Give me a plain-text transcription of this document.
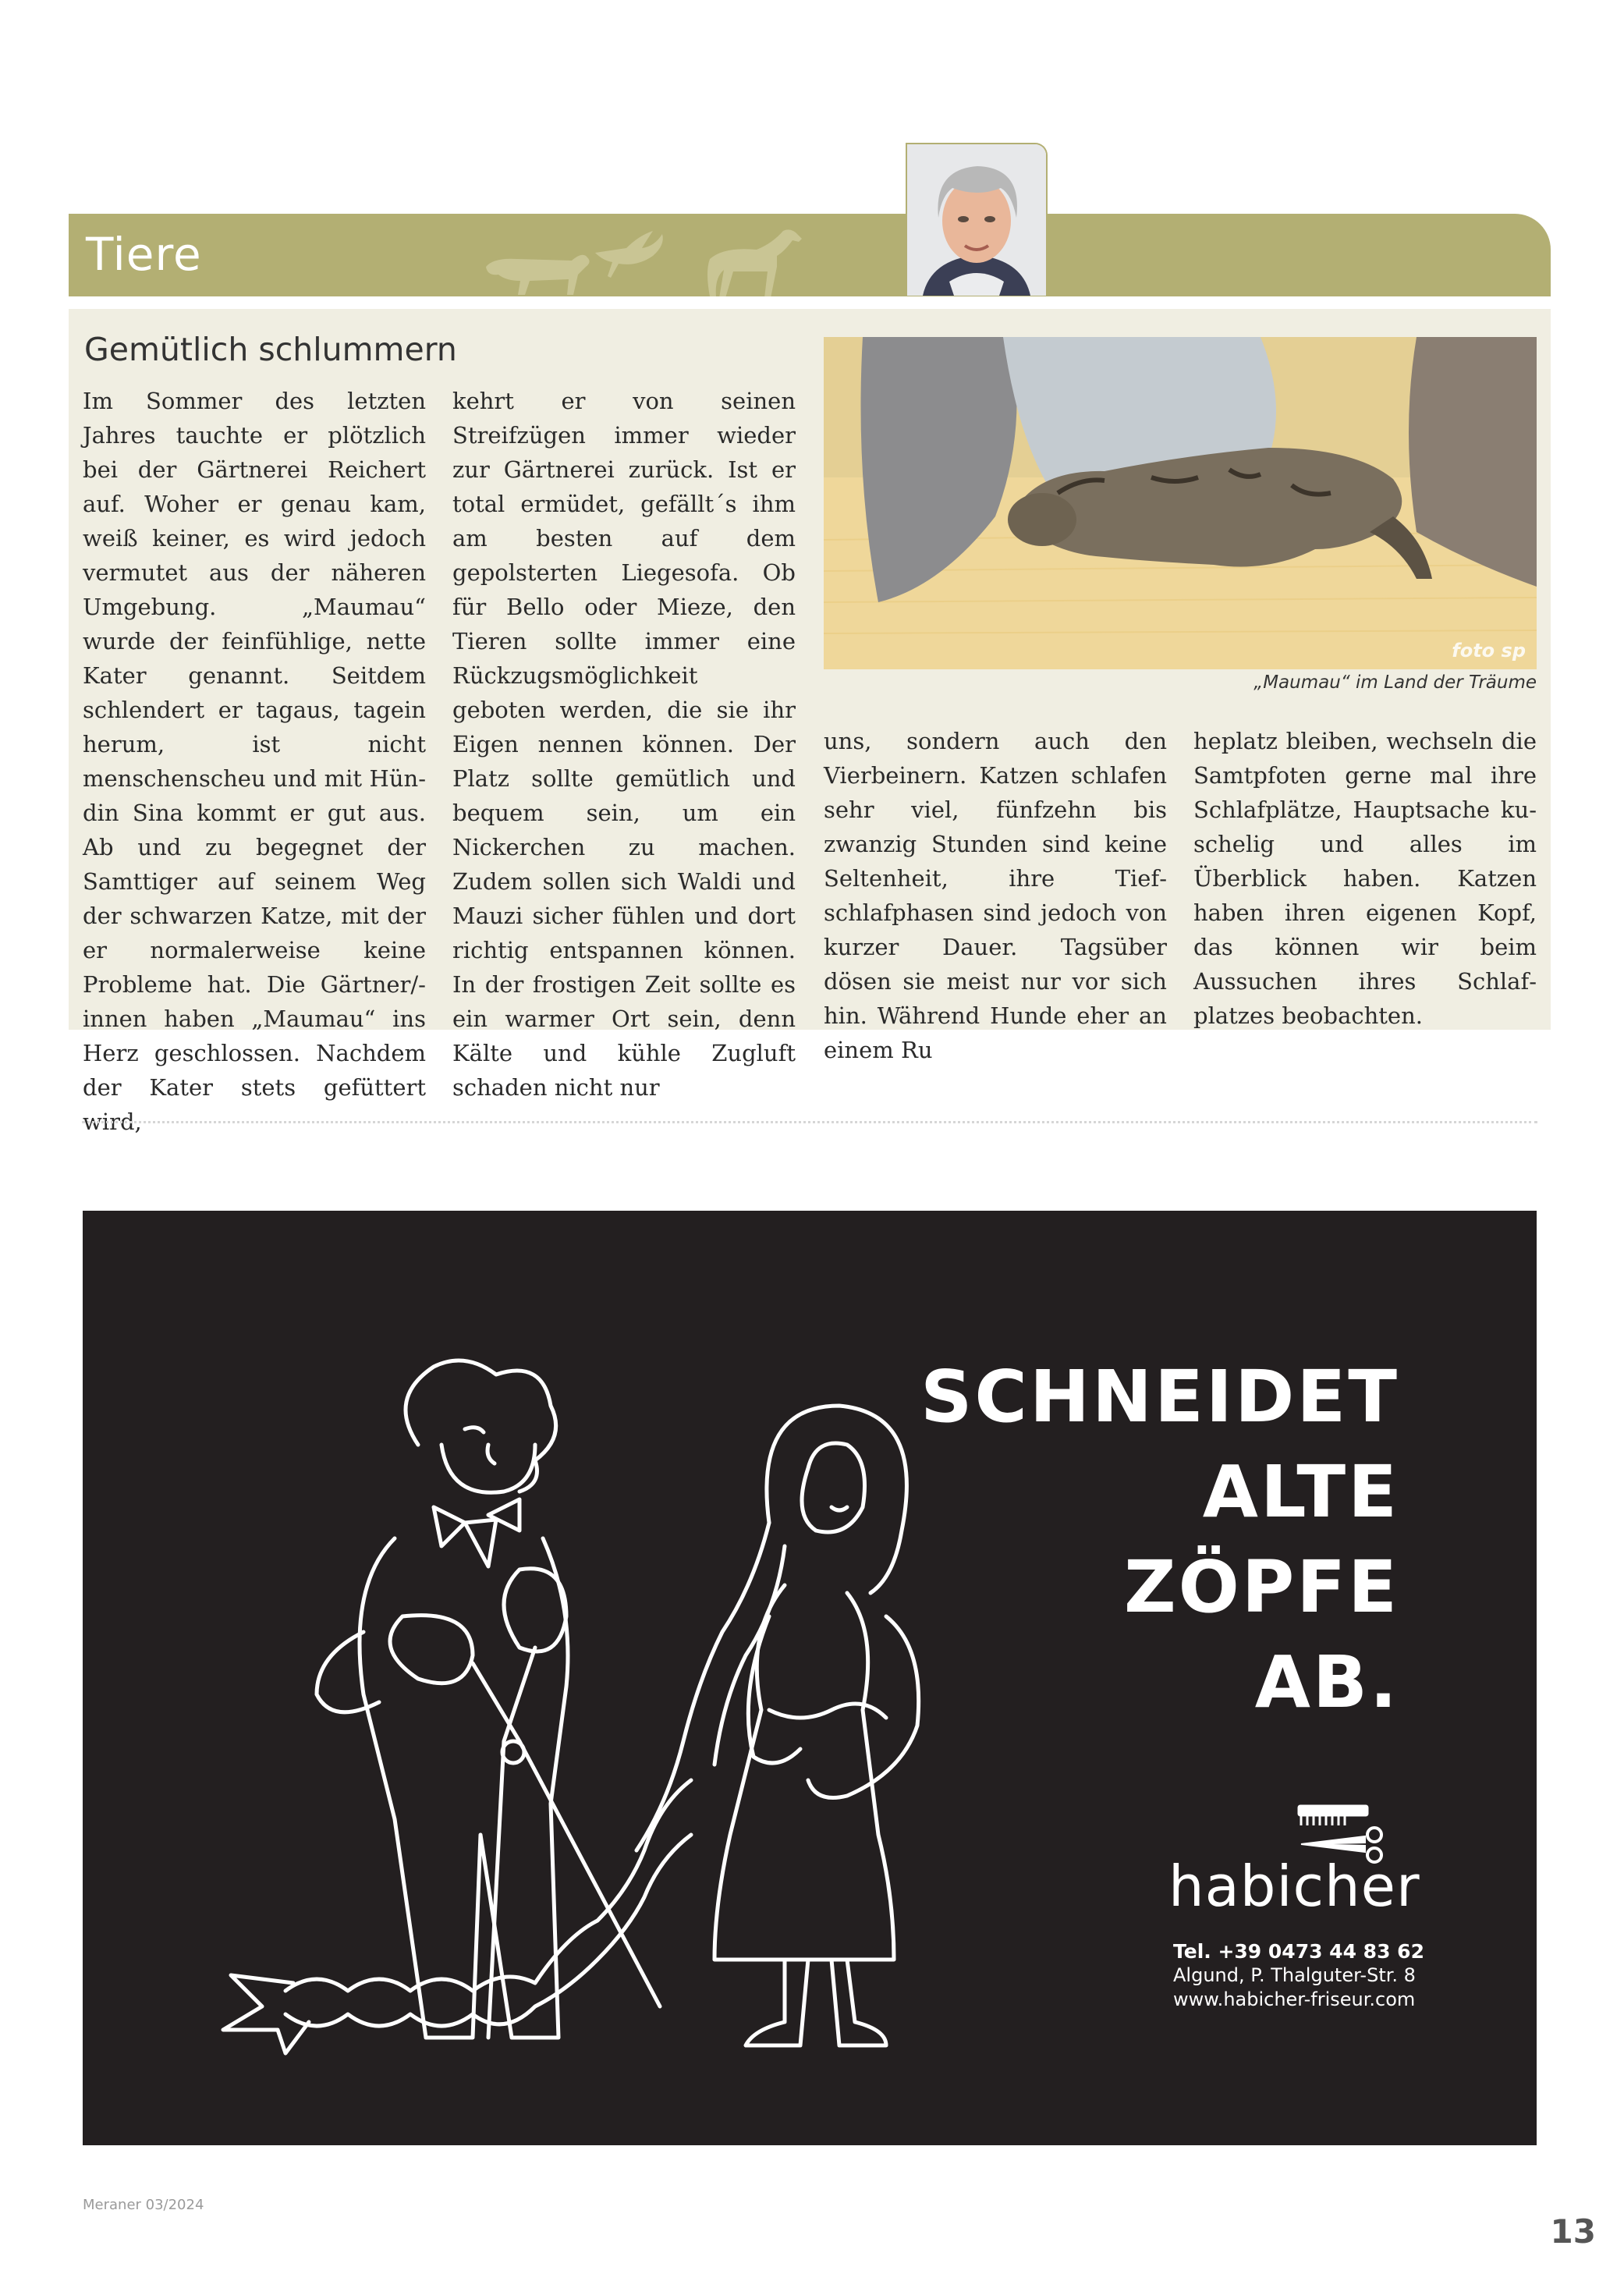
Tiere
Gemütlich schlummern

Im Sommer des letzten Jahres tauchte er plötzlich bei der Gärtnerei Reichert auf. Woher er genau kam, weiß keiner, es wird jedoch vermutet aus der näheren Umgebung. „Maumau“ wurde der feinfühlige, nette Kater genannt. Seitdem schlendert er tagaus, tagein herum, ist nicht menschenscheu und mit Hündin Sina kommt er gut aus. Ab und zu begegnet der Samttiger auf seinem Weg der schwarzen Katze, mit der er normalerweise keine Probleme hat. Die Gärtner/-innen haben „Maumau“ ins Herz geschlossen. Nachdem der Kater stets gefüttert wird,

kehrt er von seinen Streifzügen immer wieder zur Gärtnerei zurück. Ist er total ermüdet, gefällt´s ihm am besten auf dem gepolsterten Liegesofa. Ob für Bello oder Mieze, den Tieren sollte immer eine Rückzugsmöglichkeit geboten werden, die sie ihr Eigen nennen können. Der Platz sollte gemütlich und bequem sein, um ein Nickerchen zu machen. Zudem sollen sich Waldi und Mauzi sicher fühlen und dort richtig entspannen können. In der frostigen Zeit sollte es ein warmer Ort sein, denn Kälte und kühle Zugluft schaden nicht nur

foto sp
„Maumau“ im Land der Träume

uns, sondern auch den Vierbeinern. Katzen schlafen sehr viel, fünfzehn bis zwanzig Stunden sind keine Seltenheit, ihre Tiefschlafphasen sind jedoch von kurzer Dauer. Tagsüber dösen sie meist nur vor sich hin. Während Hunde eher an einem Ru

heplatz bleiben, wechseln die Samtpfoten gerne mal ihre Schlafplätze, Hauptsache kuschelig und alles im Überblick haben. Katzen haben ihren eigenen Kopf, das können wir beim Aussuchen ihres Schlafplatzes beobachten.

SCHNEIDET
ALTE
ZÖPFE
AB.
habicher
Tel. +39 0473 44 83 62
Algund, P. Thalguter-Str. 8
www.habicher-friseur.com
Meraner 03/2024
13
